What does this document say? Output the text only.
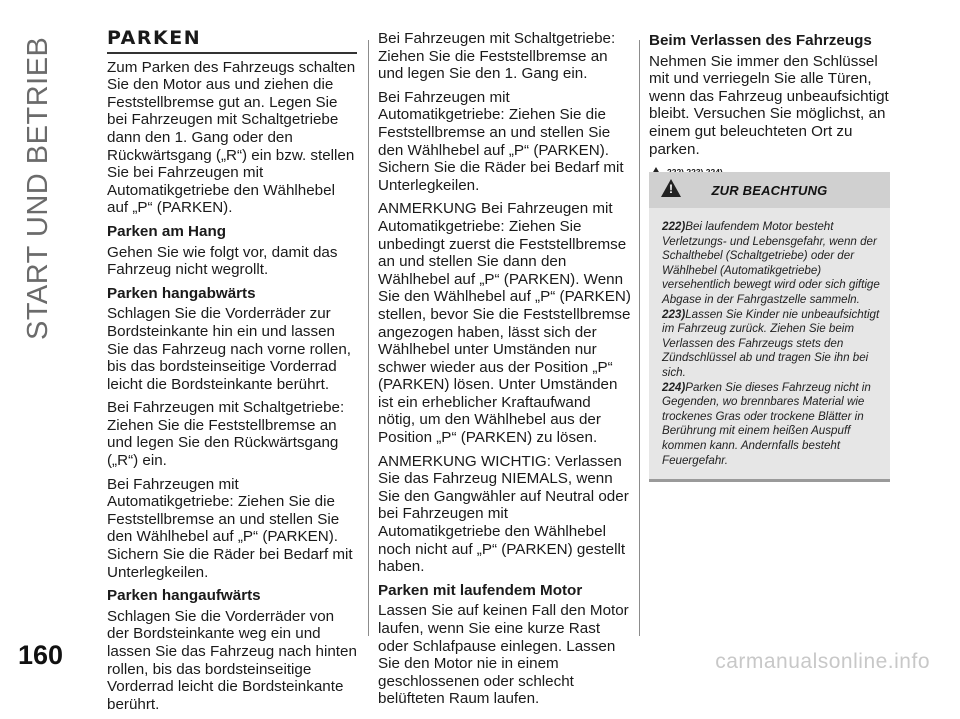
START UND BETRIEB
160
PARKEN

Zum Parken des Fahrzeugs schalten Sie den Motor aus und ziehen die Feststellbremse gut an. Legen Sie bei Fahrzeugen mit Schaltgetriebe dann den 1. Gang oder den Rückwärtsgang („R“) ein bzw. stellen Sie bei Fahrzeugen mit Automatikgetriebe den Wählhebel auf „P“ (PARKEN).

Parken am Hang

Gehen Sie wie folgt vor, damit das Fahrzeug nicht wegrollt.

Parken hangabwärts

Schlagen Sie die Vorderräder zur Bordsteinkante hin ein und lassen Sie das Fahrzeug nach vorne rollen, bis das bordsteinseitige Vorderrad leicht die Bordsteinkante berührt.

Bei Fahrzeugen mit Schaltgetriebe: Ziehen Sie die Feststellbremse an und legen Sie den Rückwärtsgang („R“) ein.

Bei Fahrzeugen mit Automatikgetriebe: Ziehen Sie die Feststellbremse an und stellen Sie den Wählhebel auf „P“ (PARKEN). Sichern Sie die Räder bei Bedarf mit Unterlegkeilen.

Parken hangaufwärts

Schlagen Sie die Vorderräder von der Bordsteinkante weg ein und lassen Sie das Fahrzeug nach hinten rollen, bis das bordsteinseitige Vorderrad leicht die Bordsteinkante berührt.

Bei Fahrzeugen mit Schaltgetriebe: Ziehen Sie die Feststellbremse an und legen Sie den 1. Gang ein.

Bei Fahrzeugen mit Automatikgetriebe: Ziehen Sie die Feststellbremse an und stellen Sie den Wählhebel auf „P“ (PARKEN). Sichern Sie die Räder bei Bedarf mit Unterlegkeilen.

ANMERKUNG Bei Fahrzeugen mit Automatikgetriebe: Ziehen Sie unbedingt zuerst die Feststellbremse an und stellen Sie dann den Wählhebel auf „P“ (PARKEN). Wenn Sie den Wählhebel auf „P“ (PARKEN) stellen, bevor Sie die Feststellbremse angezogen haben, lässt sich der Wählhebel unter Umständen nur schwer wieder aus der Position „P“ (PARKEN) lösen. Unter Umständen ist ein erheblicher Kraftaufwand nötig, um den Wählhebel aus der Position „P“ (PARKEN) zu lösen.

ANMERKUNG WICHTIG: Verlassen Sie das Fahrzeug NIEMALS, wenn Sie den Gangwähler auf Neutral oder bei Fahrzeugen mit Automatikgetriebe den Wählhebel noch nicht auf „P“ (PARKEN) gestellt haben.

Parken mit laufendem Motor

Lassen Sie auf keinen Fall den Motor laufen, wenn Sie eine kurze Rast oder Schlafpause einlegen. Lassen Sie den Motor nie in einem geschlossenen oder schlecht belüfteten Raum laufen.

Beim Verlassen des Fahrzeugs

Nehmen Sie immer den Schlüssel mit und verriegeln Sie alle Türen, wenn das Fahrzeug unbeaufsichtigt bleibt. Versuchen Sie möglichst, an einem gut beleuchteten Ort zu parken.

!
!
ZUR BEACHTUNG

222)Bei laufendem Motor besteht Verletzungs- und Lebensgefahr, wenn der Schalthebel (Schaltgetriebe) oder der Wählhebel (Automatikgetriebe) versehentlich bewegt wird oder sich giftige Abgase in der Fahrgastzelle sammeln.

223)Lassen Sie Kinder nie unbeaufsichtigt im Fahrzeug zurück. Ziehen Sie beim Verlassen des Fahrzeugs stets den Zündschlüssel ab und tragen Sie ihn bei sich.

224)Parken Sie dieses Fahrzeug nicht in Gegenden, wo brennbares Material wie trockenes Gras oder trockene Blätter in Berührung mit einem heißen Auspuff kommen kann. Andernfalls besteht Feuergefahr.

carmanualsonline.info
